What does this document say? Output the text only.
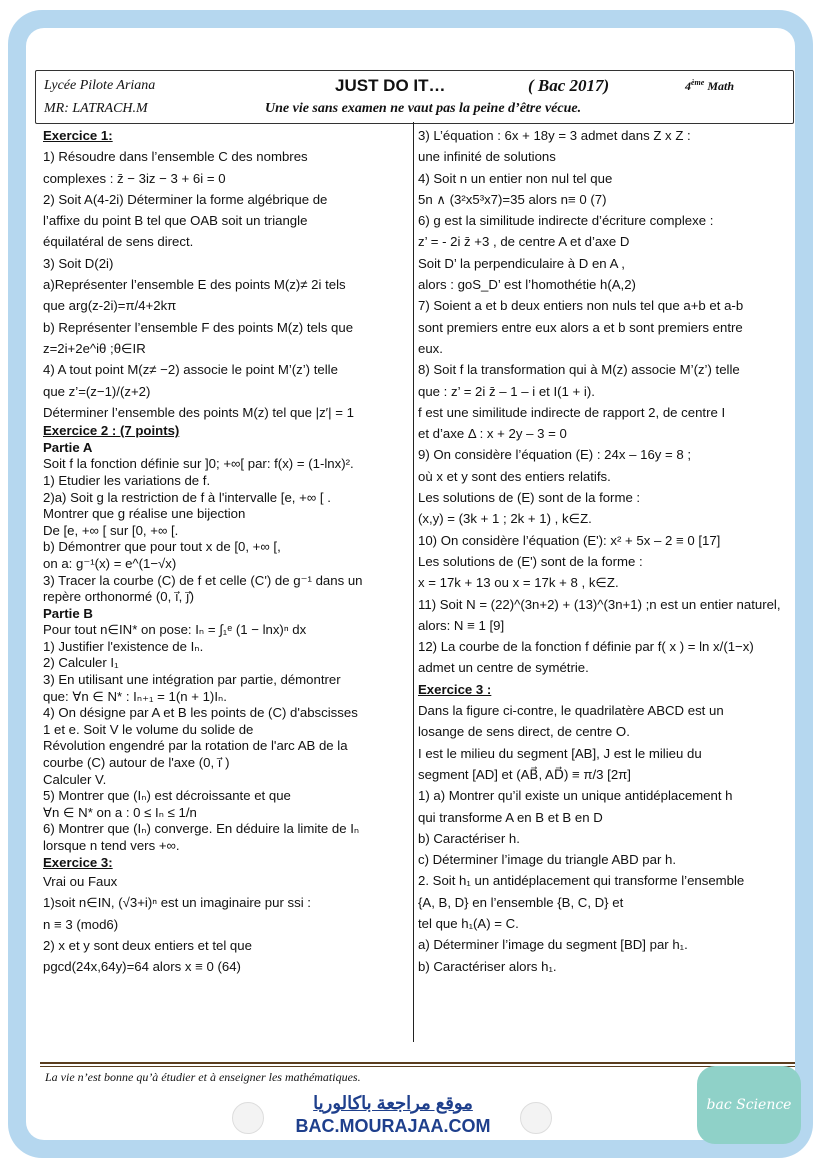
Lycée Pilote Ariana
MR: LATRACH.M
JUST DO IT…	( Bac 2017)	4ème Math
Une vie sans examen ne vaut pas la peine d’être vécue.
Exercice 1:
1) Résoudre dans l’ensemble C des nombres
complexes : z̄ − 3iz − 3 + 6i = 0
2) Soit A(4-2i) Déterminer la forme algébrique de
l’affixe du point B tel que OAB soit un triangle
équilatéral de sens direct.
3) Soit D(2i)
a)Représenter l’ensemble E des points M(z)≠ 2i tels
que arg(z-2i)=π/4+2kπ
b) Représenter l’ensemble F des points M(z) tels que
z=2i+2e^iθ ;θ∈IR
4) A tout point M(z≠ −2) associe le point M’(z’) telle
que z’=(z−1)/(z+2)
Déterminer l’ensemble des points M(z) tel que |z′| = 1
Exercice 2 : (7 points)
Partie A
Soit f la fonction définie sur ]0; +∞[ par: f(x) = (1-lnx)².
1) Etudier les variations de f.
2)a) Soit g la restriction de f à l'intervalle [e, +∞ [ .
Montrer que g réalise une bijection
De [e, +∞ [ sur [0, +∞ [.
b) Démontrer que pour tout x de [0, +∞ [,
on a: g⁻¹(x) = e^(1−√x)
3) Tracer la courbe (C) de f et celle (C') de g⁻¹ dans un
repère orthonormé (0, i⃗, j⃗)
Partie B
Pour tout n∈IN* on pose: Iₙ = ∫₁ᵉ (1 − lnx)ⁿ dx
1) Justifier l'existence de Iₙ.
2) Calculer I₁
3) En utilisant une intégration par partie, démontrer
que: ∀n ∈ N* : Iₙ₊₁ = 1(n + 1)Iₙ.
4) On désigne par A et B les points de (C) d'abscisses
1 et e. Soit V le volume du solide de
Révolution engendré par la rotation de l'arc AB de la
courbe (C) autour de l'axe (0, i⃗ )
Calculer V.
5) Montrer que (Iₙ) est décroissante et que
∀n ∈ N* on a : 0 ≤ Iₙ ≤ 1/n
6) Montrer que (Iₙ) converge. En déduire la limite de Iₙ
lorsque n tend vers +∞.
Exercice 3:
Vrai ou Faux
1)soit n∈IN, (√3+i)ⁿ est un imaginaire pur ssi :
n ≡ 3 (mod6)
2) x et y sont deux entiers et tel que
pgcd(24x,64y)=64 alors x ≡ 0 (64)
3) L’équation : 6x + 18y = 3 admet dans Z x Z :
une infinité de solutions
4) Soit n un entier non nul tel que
5n ∧ (3²x5³x7)=35 alors n≡ 0 (7)
6) g est la similitude indirecte d’écriture complexe :
z’ = - 2i z̄ +3 , de centre A et d’axe D
Soit D’ la perpendiculaire à D en A ,
alors : goS_D’ est l’homothétie h(A,2)
7) Soient a et b deux entiers non nuls tel que a+b et a-b
sont premiers entre eux alors a et b sont premiers entre
eux.
8) Soit f la transformation qui à M(z) associe M’(z’) telle
que : z’ = 2i z̄ – 1 – i et I(1 + i).
f est une similitude indirecte de rapport 2, de centre I
et d’axe Δ : x + 2y – 3 = 0
9) On considère l’équation (E) : 24x – 16y = 8 ;
où x et y sont des entiers relatifs.
Les solutions de (E) sont de la forme :
(x,y) = (3k + 1 ; 2k + 1) , k∈Z.
10) On considère l’équation (E'): x² + 5x – 2 ≡ 0 [17]
Les solutions de (E') sont de la forme :
x = 17k + 13 ou x = 17k + 8 , k∈Z.
11) Soit N = (22)^(3n+2) + (13)^(3n+1) ;n est un entier naturel,
alors: N ≡ 1 [9]
12) La courbe de la fonction f définie par f( x ) = ln x/(1−x)
admet un centre de symétrie.
Exercice 3 :
Dans la figure ci-contre, le quadrilatère ABCD est un
losange de sens direct, de centre O.
I est le milieu du segment [AB], J est le milieu du
segment [AD] et (AB⃗, AD⃗) ≡ π/3 [2π]
1) a) Montrer qu’il existe un unique antidéplacement h
qui transforme A en B et B en D
b) Caractériser h.
c) Déterminer l’image du triangle ABD par h.
2. Soit h₁ un antidéplacement qui transforme l’ensemble
{A, B, D} en l’ensemble {B, C, D} et
tel que h₁(A) = C.
a) Déterminer l’image du segment [BD] par h₁.
b) Caractériser alors h₁.
La vie n’est bonne qu’à étudier et à enseigner les mathématiques.
موقع مراجعة باكالوريا
BAC.MOURAJAA.COM
bac Science
